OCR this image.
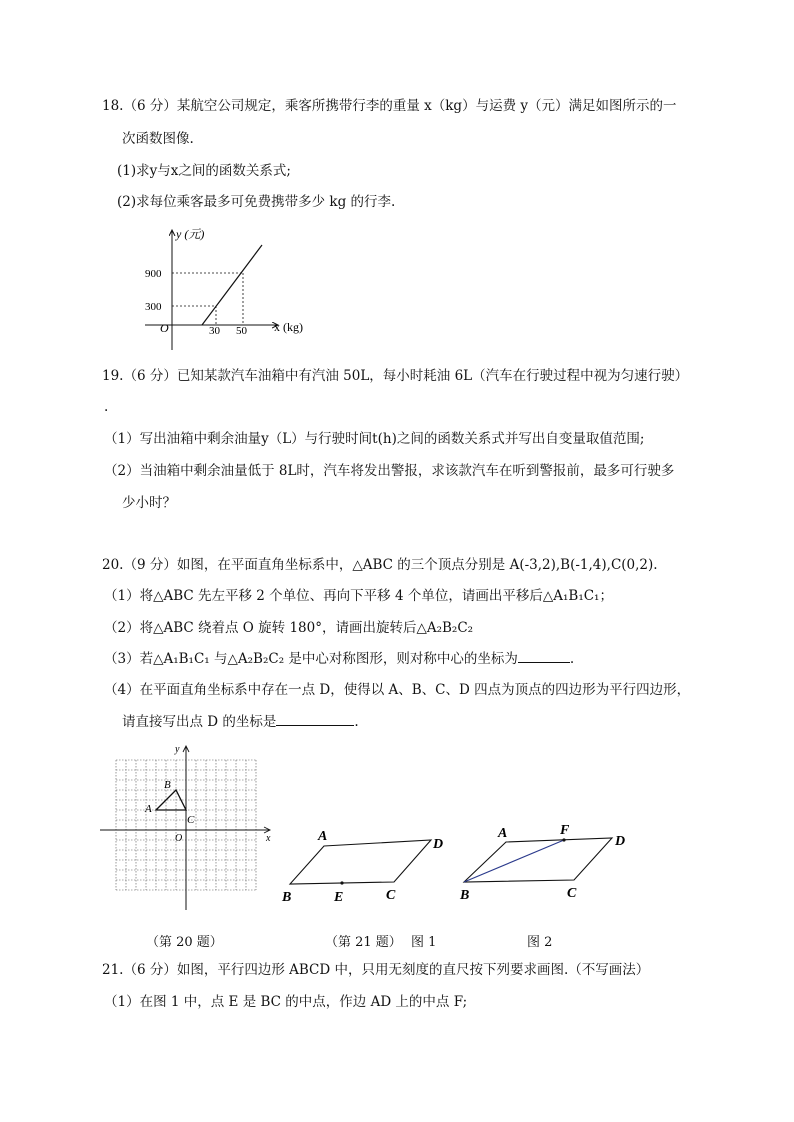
18.（6 分）某航空公司规定，乘客所携带行李的重量 x（kg）与运费 y（元）满足如图所示的一
次函数图像.
(1)求y与x之间的函数关系式;
(2)求每位乘客最多可免费携带多少 kg 的行李.
y (元)
x (kg)
O
900
300
30 50
19.（6 分）已知某款汽车油箱中有汽油 50L，每小时耗油 6L（汽车在行驶过程中视为匀速行驶）
.
（1）写出油箱中剩余油量y（L）与行驶时间t(h)之间的函数关系式并写出自变量取值范围;
（2）当油箱中剩余油量低于 8L时，汽车将发出警报，求该款汽车在听到警报前，最多可行驶多
少小时？
20.（9 分）如图，在平面直角坐标系中，△ABC 的三个顶点分别是 A(-3,2),B(-1,4),C(0,2).
（1）将△ABC 先左平移 2 个单位、再向下平移 4 个单位，请画出平移后△A₁B₁C₁；
（2）将△ABC 绕着点 O 旋转 180°，请画出旋转后△A₂B₂C₂
（3）若△A₁B₁C₁ 与△A₂B₂C₂ 是中心对称图形，则对称中心的坐标为	.
（4）在平面直角坐标系中存在一点 D，使得以 A、B、C、D 四点为顶点的四边形为平行四边形，
请直接写出点 D 的坐标是	.
y
x
O
A
B
C
A
D
C
E
B
A	F
D
C
B
（第 20 题）	（第 21 题） 图 1	图 2
21.（6 分）如图，平行四边形 ABCD 中，只用无刻度的直尺按下列要求画图.（不写画法）
（1）在图 1 中，点 E 是 BC 的中点，作边 AD 上的中点 F;
